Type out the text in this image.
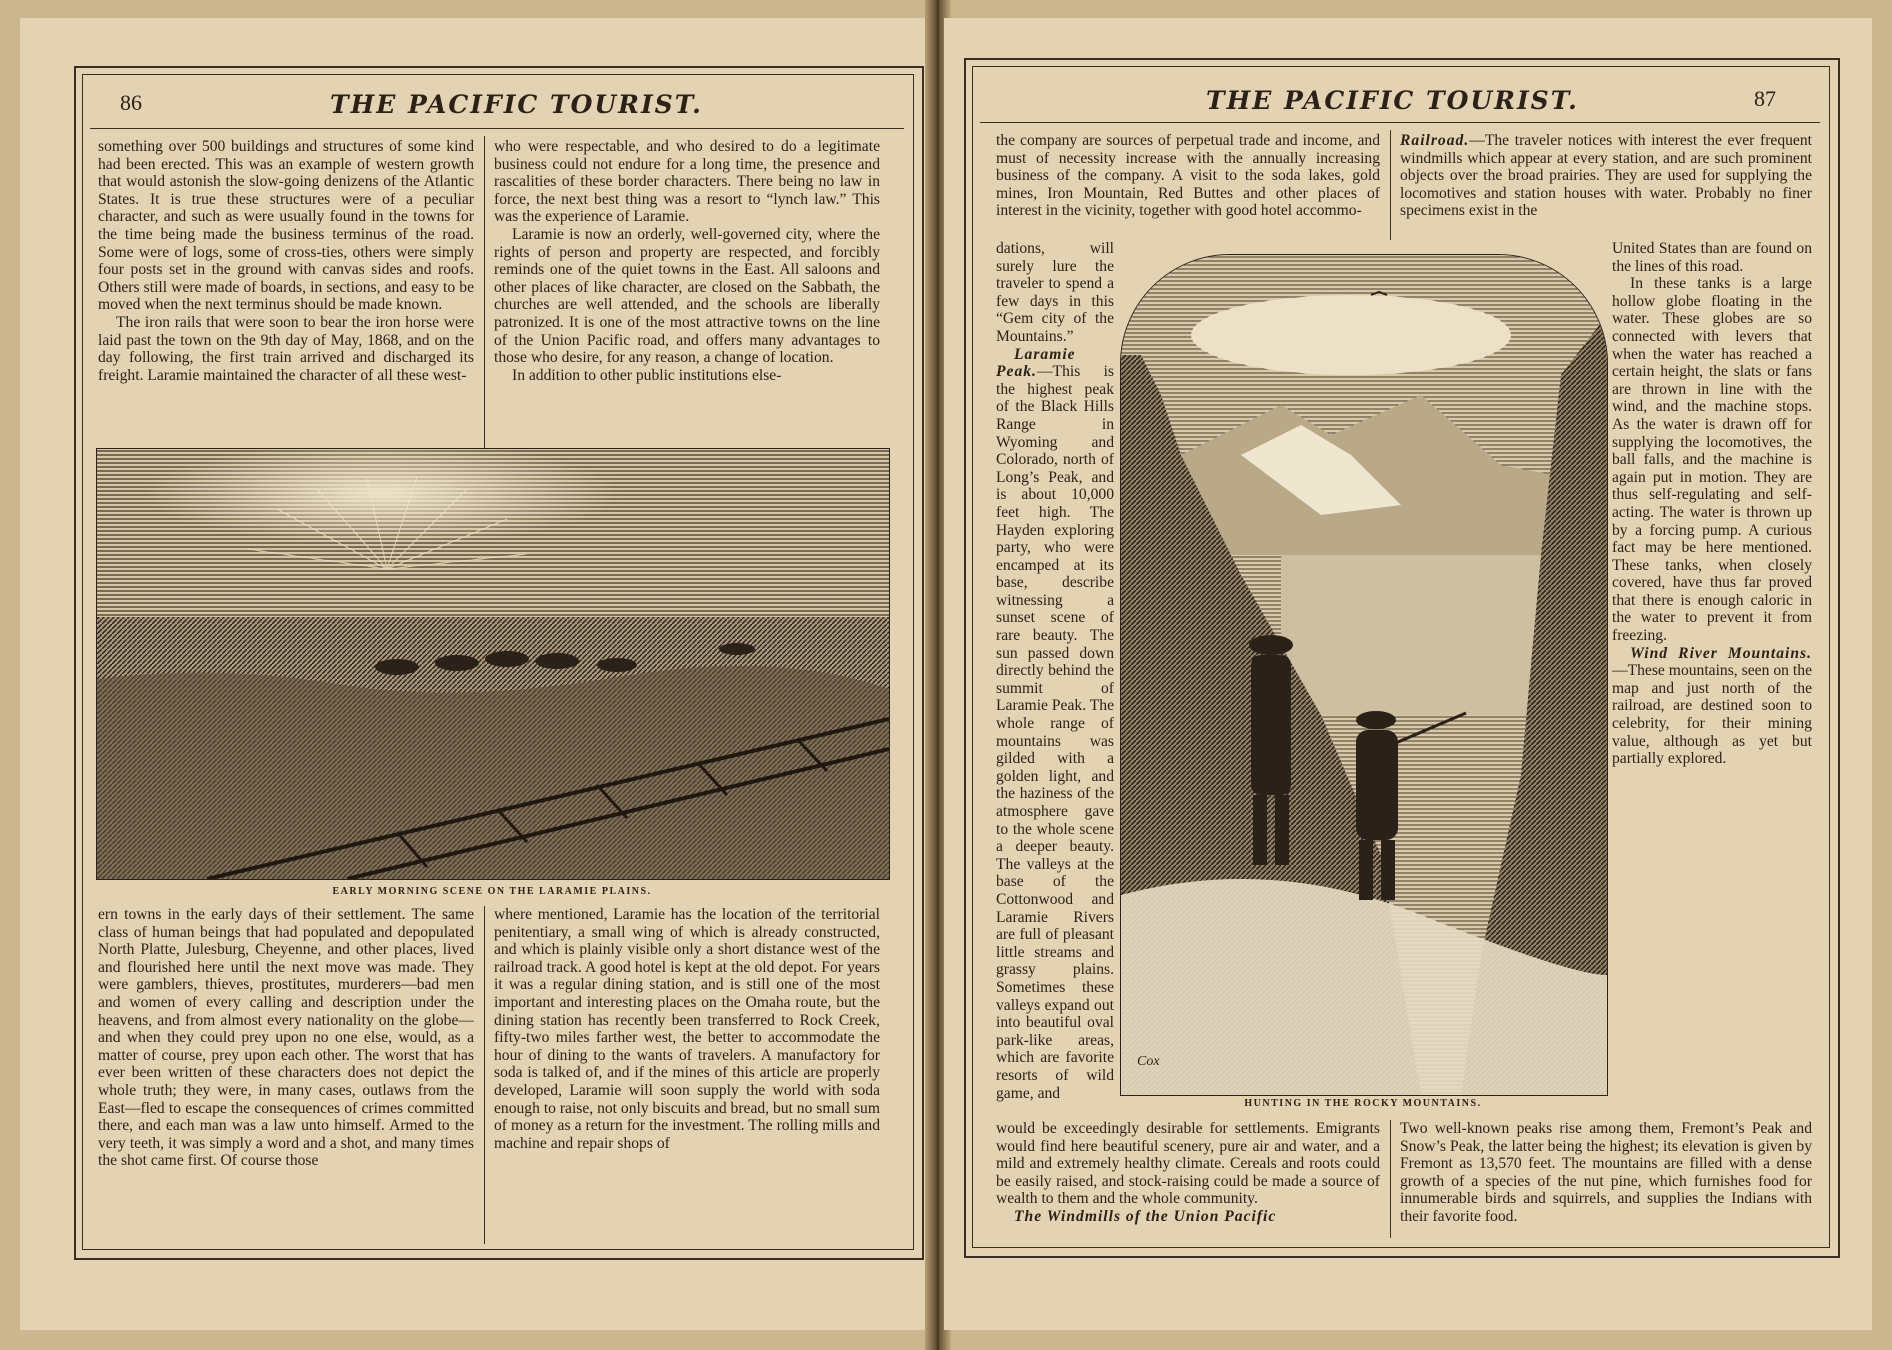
86	THE PACIFIC TOURIST.

something over 500 buildings and structures of some kind had been erected. This was an example of western growth that would astonish the slow-going denizens of the Atlantic States. It is true these structures were of a peculiar character, and such as were usually found in the towns for the time being made the business terminus of the road. Some were of logs, some of cross-ties, others were simply four posts set in the ground with canvas sides and roofs. Others still were made of boards, in sections, and easy to be moved when the next terminus should be made known.

The iron rails that were soon to bear the iron horse were laid past the town on the 9th day of May, 1868, and on the day following, the first train arrived and discharged its freight. Laramie maintained the character of all these west-

who were respectable, and who desired to do a legitimate business could not endure for a long time, the presence and rascalities of these border characters. There being no law in force, the next best thing was a resort to “lynch law.” This was the experience of Laramie.

Laramie is now an orderly, well-governed city, where the rights of person and property are respected, and forcibly reminds one of the quiet towns in the East. All saloons and other places of like character, are closed on the Sabbath, the churches are well attended, and the schools are liberally patronized. It is one of the most attractive towns on the line of the Union Pacific road, and offers many advantages to those who desire, for any reason, a change of location.

In addition to other public institutions else-

EARLY MORNING SCENE ON THE LARAMIE PLAINS.

ern towns in the early days of their settlement. The same class of human beings that had populated and depopulated North Platte, Julesburg, Cheyenne, and other places, lived and flourished here until the next move was made. They were gamblers, thieves, prostitutes, murderers—bad men and women of every calling and description under the heavens, and from almost every nationality on the globe—and when they could prey upon no one else, would, as a matter of course, prey upon each other. The worst that has ever been written of these characters does not depict the whole truth; they were, in many cases, outlaws from the East—fled to escape the consequences of crimes committed there, and each man was a law unto himself. Armed to the very teeth, it was simply a word and a shot, and many times the shot came first. Of course those

where mentioned, Laramie has the location of the territorial penitentiary, a small wing of which is already constructed, and which is plainly visible only a short distance west of the railroad track. A good hotel is kept at the old depot. For years it was a regular dining station, and is still one of the most important and interesting places on the Omaha route, but the dining station has recently been transferred to Rock Creek, fifty-two miles farther west, the better to accommodate the hour of dining to the wants of travelers. A manufactory for soda is talked of, and if the mines of this article are properly developed, Laramie will soon supply the world with soda enough to raise, not only biscuits and bread, but no small sum of money as a return for the investment. The rolling mills and machine and repair shops of

THE PACIFIC TOURIST.	87

the company are sources of perpetual trade and income, and must of necessity increase with the annually increasing business of the company. A visit to the soda lakes, gold mines, Iron Mountain, Red Buttes and other places of interest in the vicinity, together with good hotel accommo-

Railroad.—The traveler notices with interest the ever frequent windmills which appear at every station, and are such prominent objects over the broad prairies. They are used for supplying the locomotives and station houses with water. Probably no finer specimens exist in the

dations, will surely lure the traveler to spend a few days in this “Gem city of the Mountains.”

Laramie Peak.—This is the highest peak of the Black Hills Range in Wyoming and Colorado, north of Long’s Peak, and is about 10,000 feet high. The Hayden exploring party, who were encamped at its base, describe witnessing a sunset scene of rare beauty. The sun passed down directly behind the summit of Laramie Peak. The whole range of mountains was gilded with a golden light, and the haziness of the atmosphere gave to the whole scene a deeper beauty. The valleys at the base of the Cottonwood and Laramie Rivers are full of pleasant little streams and grassy plains. Sometimes these valleys expand out into beautiful oval park-like areas, which are favorite resorts of wild game, and

Cox
HUNTING IN THE ROCKY MOUNTAINS.

United States than are found on the lines of this road.

In these tanks is a large hollow globe floating in the water. These globes are so connected with levers that when the water has reached a certain height, the slats or fans are thrown in line with the wind, and the machine stops. As the water is drawn off for supplying the locomotives, the ball falls, and the machine is again put in motion. They are thus self-regulating and self-acting. The water is thrown up by a forcing pump. A curious fact may be here mentioned. These tanks, when closely covered, have thus far proved that there is enough caloric in the water to prevent it from freezing.

Wind River Mountains.—These mountains, seen on the map and just north of the railroad, are destined soon to celebrity, for their mining value, although as yet but partially explored.

would be exceedingly desirable for settlements. Emigrants would find here beautiful scenery, pure air and water, and a mild and extremely healthy climate. Cereals and roots could be easily raised, and stock-raising could be made a source of wealth to them and the whole community.

The Windmills of the Union Pacific

Two well-known peaks rise among them, Fremont’s Peak and Snow’s Peak, the latter being the highest; its elevation is given by Fremont as 13,570 feet. The mountains are filled with a dense growth of a species of the nut pine, which furnishes food for innumerable birds and squirrels, and supplies the Indians with their favorite food.
